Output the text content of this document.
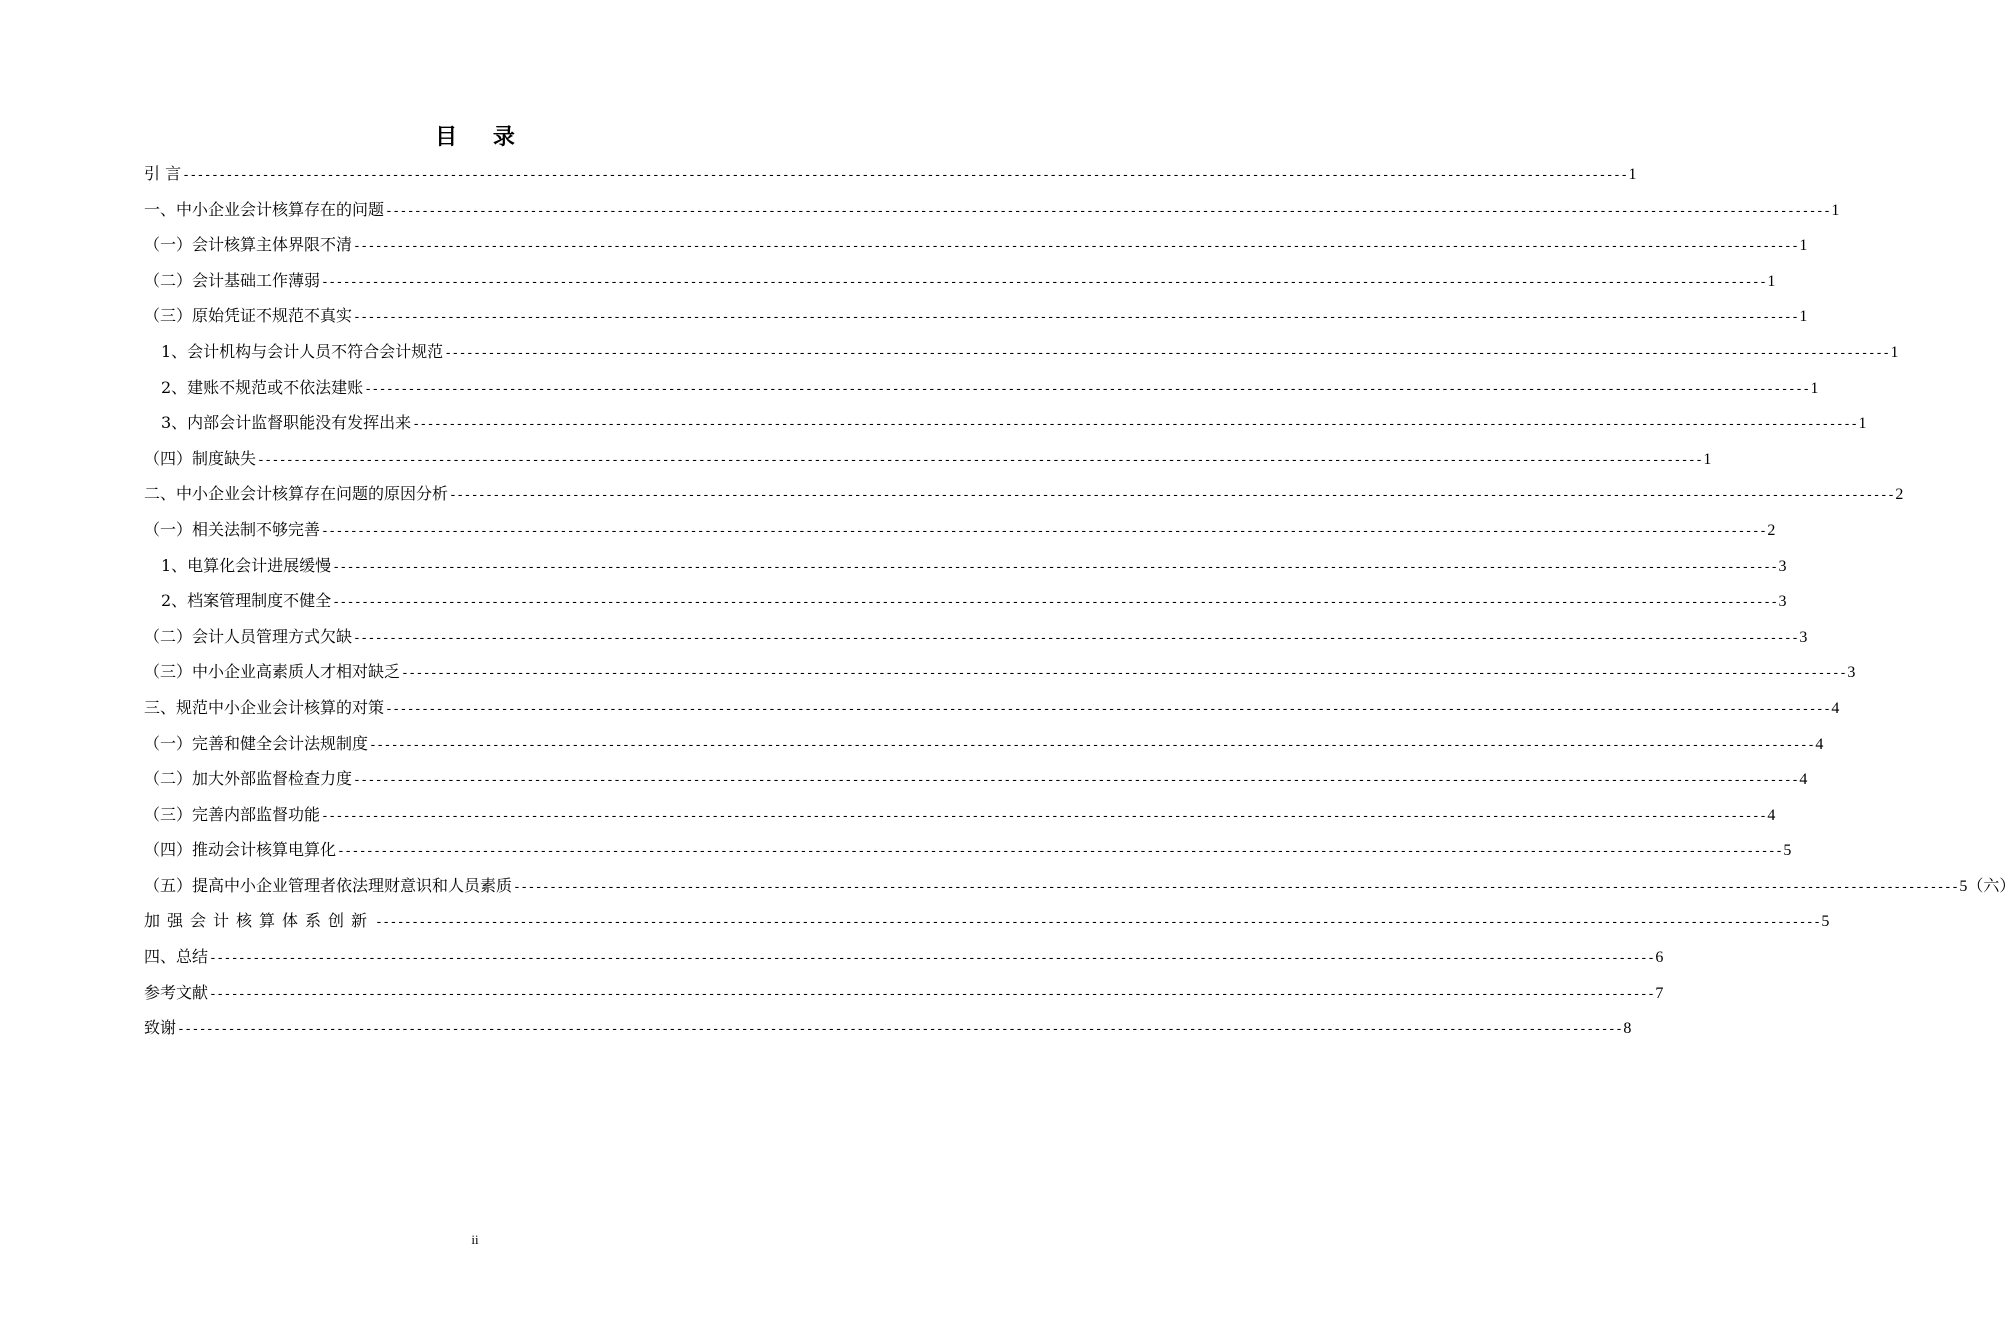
目 录
引 言 -------------------------------------------------------------------------------------------------------------------------------------------------------------------------------------------------------- 1
一、中小企业会计核算存在的问题 -------------------------------------------------------------------------------------------------------------------------------------------------------------------------------------------------------- 1
（一）会计核算主体界限不清 -------------------------------------------------------------------------------------------------------------------------------------------------------------------------------------------------------- 1
（二）会计基础工作薄弱 -------------------------------------------------------------------------------------------------------------------------------------------------------------------------------------------------------- 1
（三）原始凭证不规范不真实 -------------------------------------------------------------------------------------------------------------------------------------------------------------------------------------------------------- 1
1、会计机构与会计人员不符合会计规范 -------------------------------------------------------------------------------------------------------------------------------------------------------------------------------------------------------- 1
2、建账不规范或不依法建账 -------------------------------------------------------------------------------------------------------------------------------------------------------------------------------------------------------- 1
3、内部会计监督职能没有发挥出来 -------------------------------------------------------------------------------------------------------------------------------------------------------------------------------------------------------- 1
（四）制度缺失 -------------------------------------------------------------------------------------------------------------------------------------------------------------------------------------------------------- 1
二、中小企业会计核算存在问题的原因分析 -------------------------------------------------------------------------------------------------------------------------------------------------------------------------------------------------------- 2
（一）相关法制不够完善 -------------------------------------------------------------------------------------------------------------------------------------------------------------------------------------------------------- 2
1、电算化会计进展缓慢 -------------------------------------------------------------------------------------------------------------------------------------------------------------------------------------------------------- 3
2、档案管理制度不健全 -------------------------------------------------------------------------------------------------------------------------------------------------------------------------------------------------------- 3
（二）会计人员管理方式欠缺 -------------------------------------------------------------------------------------------------------------------------------------------------------------------------------------------------------- 3
（三）中小企业高素质人才相对缺乏 -------------------------------------------------------------------------------------------------------------------------------------------------------------------------------------------------------- 3
三、规范中小企业会计核算的对策 -------------------------------------------------------------------------------------------------------------------------------------------------------------------------------------------------------- 4
（一）完善和健全会计法规制度 -------------------------------------------------------------------------------------------------------------------------------------------------------------------------------------------------------- 4
（二）加大外部监督检查力度 -------------------------------------------------------------------------------------------------------------------------------------------------------------------------------------------------------- 4
（三）完善内部监督功能 -------------------------------------------------------------------------------------------------------------------------------------------------------------------------------------------------------- 4
（四）推动会计核算电算化 -------------------------------------------------------------------------------------------------------------------------------------------------------------------------------------------------------- 5
（五）提高中小企业管理者依法理财意识和人员素质 -------------------------------------------------------------------------------------------------------------------------------------------------------------------------------------------------------- 5（六）
加强会计核算体系创新 -------------------------------------------------------------------------------------------------------------------------------------------------------------------------------------------------------- 5
四、总结 -------------------------------------------------------------------------------------------------------------------------------------------------------------------------------------------------------- 6
参考文献 -------------------------------------------------------------------------------------------------------------------------------------------------------------------------------------------------------- 7
致谢 -------------------------------------------------------------------------------------------------------------------------------------------------------------------------------------------------------- 8
ii
